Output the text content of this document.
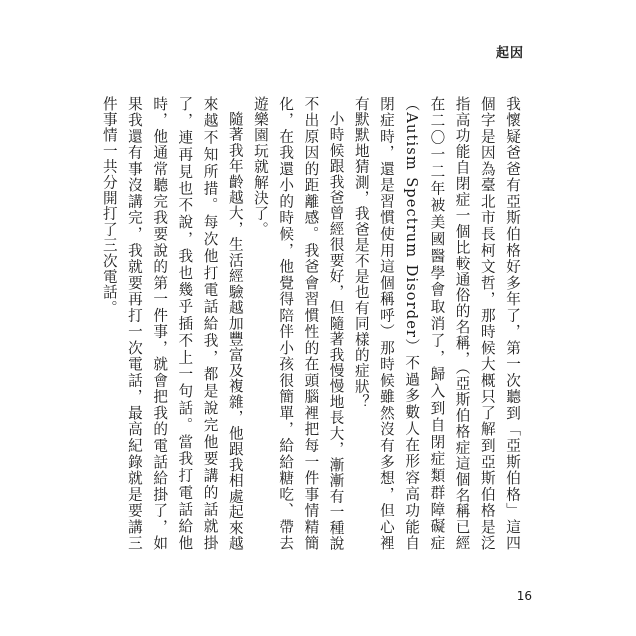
起因

我懷疑爸爸有亞斯伯格好多年了，第一次聽到「亞斯伯格」這四個字是因為臺北市長柯文哲，那時候大概只了解到亞斯伯格是泛指高功能自閉症一個比較通俗的名稱，（亞斯伯格症這個名稱已經在二〇一二年被美國醫學會取消了，歸入到自閉症類群障礙症（Autism Spectrum Disorder）不過多數人在形容高功能自閉症時，還是習慣使用這個稱呼）那時候雖然沒有多想，但心裡有默默地猜測，我爸是不是也有同樣的症狀？

小時候跟我爸曾經很要好，但隨著我慢慢地長大，漸漸有一種說不出原因的距離感。我爸會習慣性的在頭腦裡把每一件事情精簡化，在我還小的時候，他覺得陪伴小孩很簡單，給給糖吃、帶去遊樂園玩就解決了。

隨著我年齡越大，生活經驗越加豐富及複雜，他跟我相處起來越來越不知所措。每次他打電話給我，都是說完他要講的話就掛了，連再見也不說，我也幾乎插不上一句話。當我打電話給他時，他通常聽完我要說的第一件事，就會把我的電話給掛了，如果我還有事沒講完，我就要再打一次電話，最高紀錄就是要講三件事情一共分開打了三次電話。

16
